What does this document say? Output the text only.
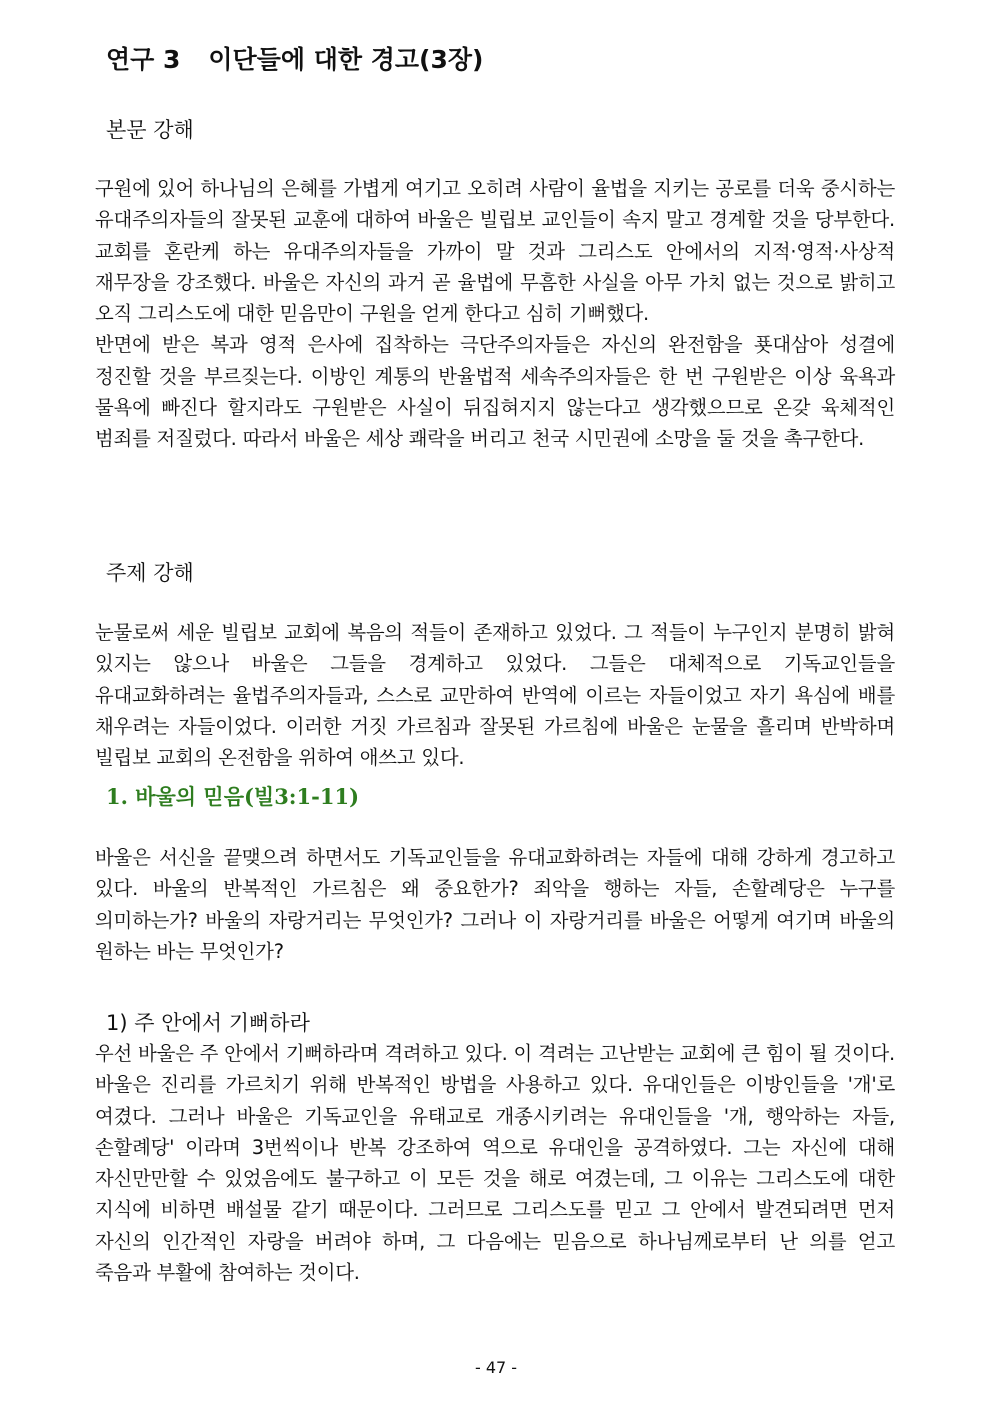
연구 3 이단들에 대한 경고(3장)
본문 강해

구원에 있어 하나님의 은혜를 가볍게 여기고 오히려 사람이 율법을 지키는 공로를 더욱 중시하는 유대주의자들의 잘못된 교훈에 대하여 바울은 빌립보 교인들이 속지 말고 경계할 것을 당부한다. 교회를 혼란케 하는 유대주의자들을 가까이 말 것과 그리스도 안에서의 지적·영적·사상적 재무장을 강조했다. 바울은 자신의 과거 곧 율법에 무흠한 사실을 아무 가치 없는 것으로 밝히고 오직 그리스도에 대한 믿음만이 구원을 얻게 한다고 심히 기뻐했다.

반면에 받은 복과 영적 은사에 집착하는 극단주의자들은 자신의 완전함을 푯대삼아 성결에 정진할 것을 부르짖는다. 이방인 계통의 반율법적 세속주의자들은 한 번 구원받은 이상 육욕과 물욕에 빠진다 할지라도 구원받은 사실이 뒤집혀지지 않는다고 생각했으므로 온갖 육체적인 범죄를 저질렀다. 따라서 바울은 세상 쾌락을 버리고 천국 시민권에 소망을 둘 것을 촉구한다.

주제 강해

눈물로써 세운 빌립보 교회에 복음의 적들이 존재하고 있었다. 그 적들이 누구인지 분명히 밝혀 있지는 않으나 바울은 그들을 경계하고 있었다. 그들은 대체적으로 기독교인들을 유대교화하려는 율법주의자들과, 스스로 교만하여 반역에 이르는 자들이었고 자기 욕심에 배를 채우려는 자들이었다. 이러한 거짓 가르침과 잘못된 가르침에 바울은 눈물을 흘리며 반박하며 빌립보 교회의 온전함을 위하여 애쓰고 있다.

1. 바울의 믿음(빌3:1-11)

바울은 서신을 끝맺으려 하면서도 기독교인들을 유대교화하려는 자들에 대해 강하게 경고하고 있다. 바울의 반복적인 가르침은 왜 중요한가? 죄악을 행하는 자들, 손할례당은 누구를 의미하는가? 바울의 자랑거리는 무엇인가? 그러나 이 자랑거리를 바울은 어떻게 여기며 바울의 원하는 바는 무엇인가?

1) 주 안에서 기뻐하라

우선 바울은 주 안에서 기뻐하라며 격려하고 있다. 이 격려는 고난받는 교회에 큰 힘이 될 것이다. 바울은 진리를 가르치기 위해 반복적인 방법을 사용하고 있다. 유대인들은 이방인들을 '개'로 여겼다. 그러나 바울은 기독교인을 유태교로 개종시키려는 유대인들을 '개, 행악하는 자들, 손할례당' 이라며 3번씩이나 반복 강조하여 역으로 유대인을 공격하였다. 그는 자신에 대해 자신만만할 수 있었음에도 불구하고 이 모든 것을 해로 여겼는데, 그 이유는 그리스도에 대한 지식에 비하면 배설물 같기 때문이다. 그러므로 그리스도를 믿고 그 안에서 발견되려면 먼저 자신의 인간적인 자랑을 버려야 하며, 그 다음에는 믿음으로 하나님께로부터 난 의를 얻고 죽음과 부활에 참여하는 것이다.

- 47 -
